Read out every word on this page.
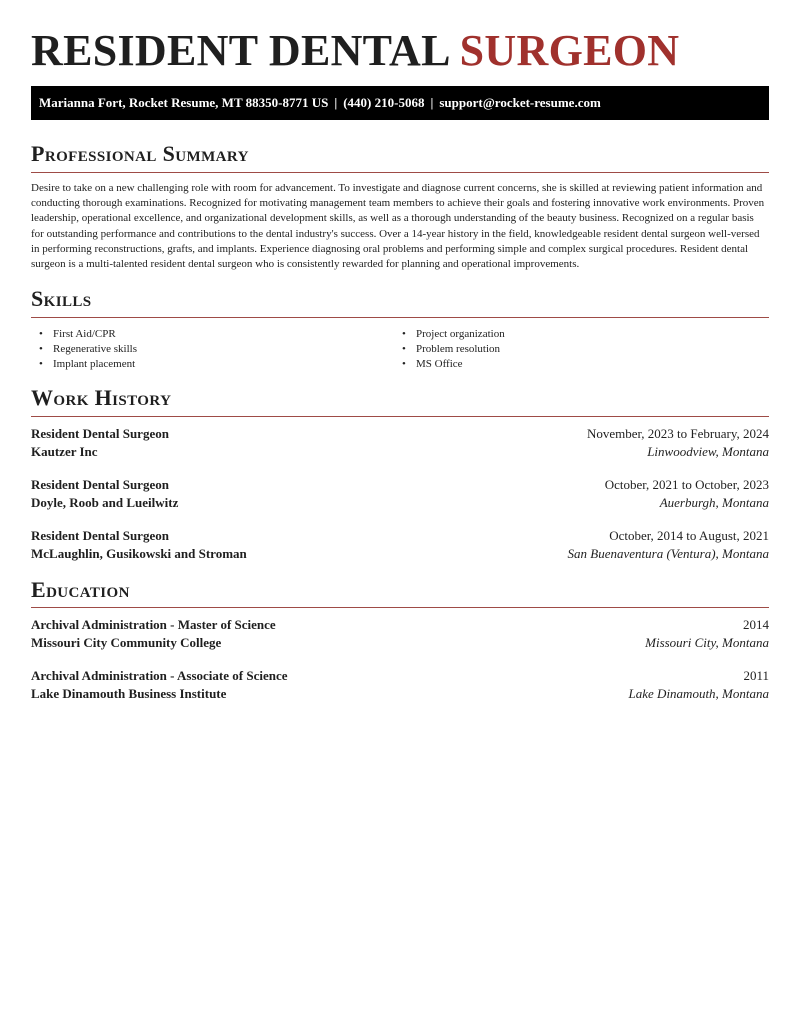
RESIDENT DENTAL SURGEON
Marianna Fort, Rocket Resume, MT 88350-8771 US | (440) 210-5068 | support@rocket-resume.com
Professional Summary
Desire to take on a new challenging role with room for advancement. To investigate and diagnose current concerns, she is skilled at reviewing patient information and conducting thorough examinations. Recognized for motivating management team members to achieve their goals and fostering innovative work environments. Proven leadership, operational excellence, and organizational development skills, as well as a thorough understanding of the beauty business. Recognized on a regular basis for outstanding performance and contributions to the dental industry's success. Over a 14-year history in the field, knowledgeable resident dental surgeon well-versed in performing reconstructions, grafts, and implants. Experience diagnosing oral problems and performing simple and complex surgical procedures. Resident dental surgeon is a multi-talented resident dental surgeon who is consistently rewarded for planning and operational improvements.
Skills
• First Aid/CPR
• Regenerative skills
• Implant placement
• Project organization
• Problem resolution
• MS Office
Work History
Resident Dental Surgeon	November, 2023 to February, 2024
Kautzer Inc	Linwoodview, Montana
Resident Dental Surgeon	October, 2021 to October, 2023
Doyle, Roob and Lueilwitz	Auerburgh, Montana
Resident Dental Surgeon	October, 2014 to August, 2021
McLaughlin, Gusikowski and Stroman	San Buenaventura (Ventura), Montana
Education
Archival Administration - Master of Science	2014
Missouri City Community College	Missouri City, Montana
Archival Administration - Associate of Science	2011
Lake Dinamouth Business Institute	Lake Dinamouth, Montana
